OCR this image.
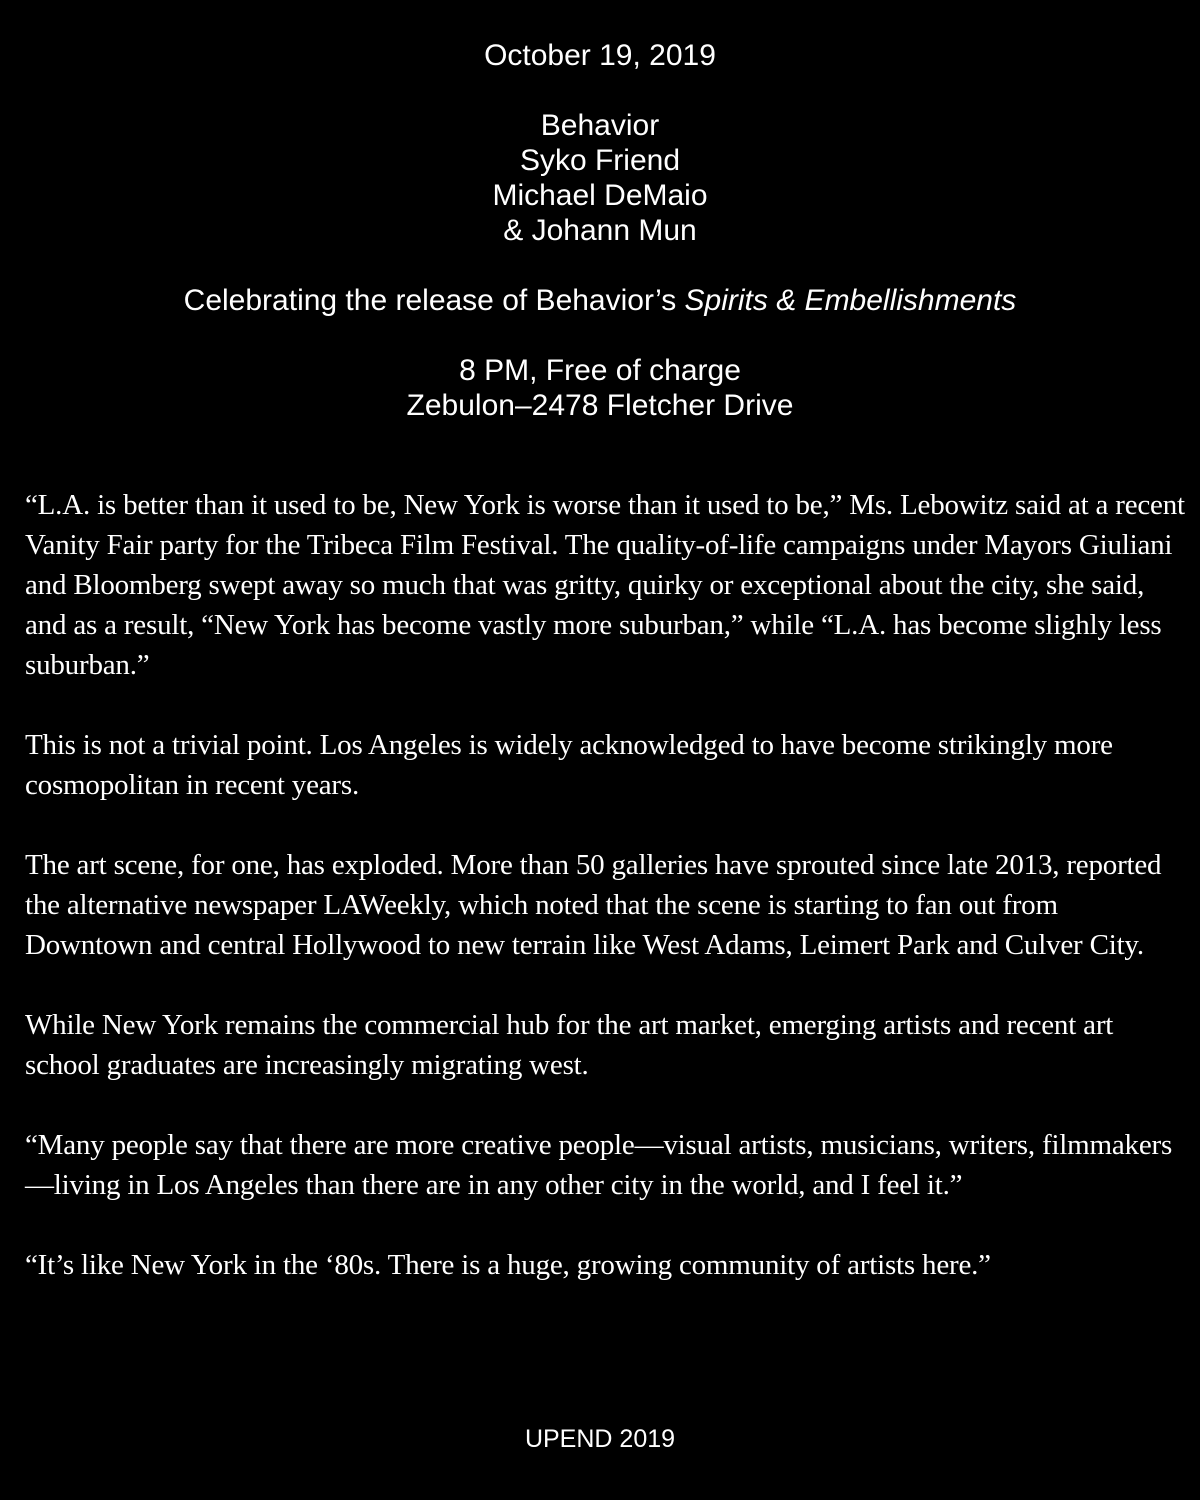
October 19, 2019
Behavior
Syko Friend
Michael DeMaio
& Johann Mun
Celebrating the release of Behavior’s Spirits & Embellishments
8 PM, Free of charge
Zebulon–2478 Fletcher Drive

“L.A. is better than it used to be, New York is worse than it used to be,” Ms. Lebowitz said at a recent Vanity Fair party for the Tribeca Film Festival. The quality-of-life campaigns under Mayors Giuliani and Bloomberg swept away so much that was gritty, quirky or exceptional about the city, she said, and as a result, “New York has become vastly more suburban,” while “L.A. has become slighly less suburban.”

This is not a trivial point. Los Angeles is widely acknowledged to have become strikingly more cosmopolitan in recent years.

The art scene, for one, has exploded. More than 50 galleries have sprouted since late 2013, reported the alternative newspaper LAWeekly, which noted that the scene is starting to fan out from Downtown and central Hollywood to new terrain like West Adams, Leimert Park and Culver City.

While New York remains the commercial hub for the art market, emerging artists and recent art school graduates are increasingly migrating west.

“Many people say that there are more creative people—visual artists, musicians, writers, filmmakers—living in Los Angeles than there are in any other city in the world, and I feel it.”

“It’s like New York in the ‘80s. There is a huge, growing community of artists here.”

UPEND 2019
